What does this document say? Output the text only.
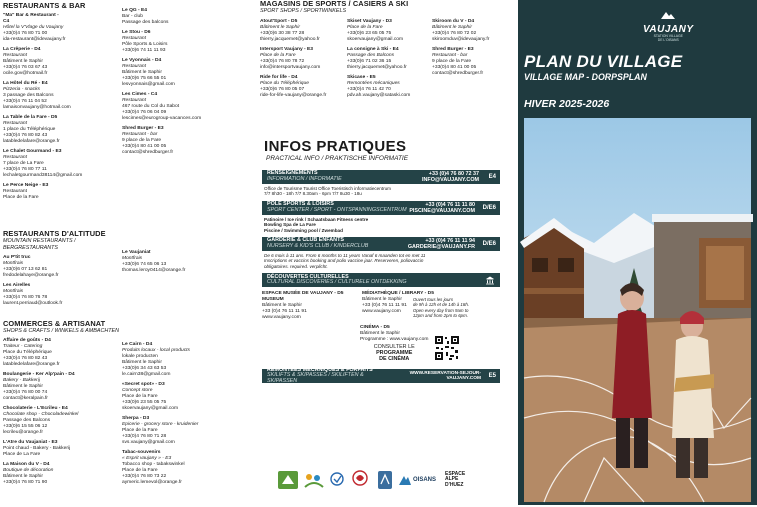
RESTAURANTS & BAR
"Ma" Bar & Restaurant - C4
Hôtel la V'Vlage du Vaujany
+33(0)4 76 80 71 00
ida-restaurant@idevaujany.fr
La Crêperie - D4
Restaurant
Bâtiment le Saphir
+33(0)4 76 03 67 43
ocile.gov@hotmail.fr
La Hôtel du Ré - E4
Pizzeria - snacks
3 passage des Balcons
+33(0)4 76 11 04 52
lamaisonvaujany@hotmail.com
La Table de la Fare - D5
Restaurant
1 place du Téléphérique
+33(0)4 76 80 82 43
latabledelafare@orange.fr
Le Chalet Gourmand - E3
Restaurant
7 place de La Fare
+33(0)4 76 80 77 11
lechaletgourmand38114@gmail.com
Le Perce Neige - E3
Restaurant
Place de la Fare
RESTAURANTS D'ALTITUDE
MOUNTAIN RESTAURANTS / BERGRESTAURANTS
Au P'tit truc
Montfrais
+33(0)6 07 13 62 81
fredodelahaye@orange.fr
Les Airelles
Montfrais
+33(0)4 76 80 76 78
laurent.perriaud@outlook.fr
COMMERCES & ARTISANAT
SHOPS & CRAFTS / WINKELS & AMBACHTEN
Affaire de goûts - D4
Traiteur - Catering
Place du Téléphérique
+33(0)4 76 80 82 43
latabledelafare@orange.fr
Boulangerie - Ker Alp'pain - D4
Bakery - Bakkerij
Bâtiment le Saphir
+33(0)4 76 80 00 74
contact@keralpain.fr
Chocolaterie - L'Ecrileu - E4
Chocolate shop - Chocoladewinkel
Passage des Balcons
+33(0)6 15 55 06 12
lecrileu@orange.fr
L'Atre du Vaujaniat - E3
Point chaud - Bakery - Bakkerij
Place de La Fare
La Maison du V - D4
Boutique de décoration
Bâtiment le Saphir
+33(0)4 76 80 71 90
Le QG - E4
Bar - club
Passage des balcons
Le Stou - D6
Restaurant
Pôle Sports & Loisirs
+33(0)6 74 11 11 93
Le Vyonnais - D4
Restaurant
Bâtiment le Saphir
+33(0)6 75 66 55 01
lesvyonnais@gmail.com
Les Cimes - C4
Restaurant
467 route du Col du Sabot
+33(0)4 76 06 04 09
lescimes@eurogroup-vacances.com
Shred Burger - E3
Restaurant - bar
9 place de la Fare
+33(0)4 80 41 00 05
contact@shredburger.fr
Le Vaujaniat
Montfrais
+33(0)6 74 65 06 13
thomas.leroy0414@orange.fr
Le Cairn - D4
Produits locaux - local products
lokale producten
Bâtiment le Saphir
+33(0)6 34 43 63 53
le.cairn38@gmail.com
«Secret spot» - D3
Concept store
Place de la Fare
+33(0)6 23 55 05 75
skoervaujany@gmail.com
Sherpa - D3
Epicerie - grocery store - kruidenier
Place de la Fare
+33(0)4 76 80 71 28
svs.vaujany@gmail.com
Tabac-souvenirs
« Esprit vaujany » - E3
Tobacco shop - tabakswinkel
Place de la Fare
+33(0)4 76 80 73 22
aymeric.lemevol@orange.fr
MAGASINS DE SPORTS / CASIERS A SKI
SPORT SHOPS / SPORTWINKELS
Atout'Sport - D5
Bâtiment le Saphir
+33(0)6 30 38 77 28
thierry.jacquemet@yahoo.fr
Intersport Vaujany - E3
Place de la Fare
+33(0)4 76 80 78 72
info@intersportvaujany.com
Ride for life - D4
Place du Téléphérique
+33(0)6 76 80 05 07
ride-for-life-vaujany@orange.fr
Skiset Vaujany - D3
Place de la Fare
+33(0)6 23 65 05 75
skoervaujany@gmail.com
La consigne à Ski - E4
Passage des Balcons
+33(0)6 71 02 36 15
thierry.jacquemet@yahoo.fr
Skicase - E5
Remontées mécaniques
+33(0)4 76 11 42 70
pdv.ah.vaujany@sataski.com
Skiroom du V - D4
Bâtiment le Saphir
+33(0)4 76 80 72 02
skiroomduv@idevaujany.fr
Shred Burger - E3
Restaurant - bar
9 place de la Fare
+33(0)4 80 41 00 05
contact@shredburger.fr
INFOS PRATIQUES
PRACTICAL INFO / PRAKTISCHE INFORMATIE
RENSEIGNEMENTS
INFORMATION / INFORMATIE
+33 (0)4 76 80 72 37
INFO@VAUJANY.COM E4
Office de Tourisme Tourist Office Toeristisch informatiecentrum
7/7 8h30 - 18h 7/7 8.30am - 6pm 7/7 8u30 - 18u
PÔLE SPORTS & LOISIRS
SPORT CENTER / SPORT - ONTSPANNINGSCENTRUM
+33 (0)4 76 11 11 80
PISCINE@VAUJANY.COM D/E6
Patinoire / Ice rink / Schaatsbaan Fitness centre
Bowling Spa de La Fare
Piscine / Swimming pool / Zwembad
GARDERIE & CLUB ENFANTS
NURSERY & KID'S CLUB / KINDERCLUB
+33 (0)4 76 11 11 94
GARDERIE@VAUJANY.FR D/E6
De 6 mois à 11 ans. From 6 months to 11 years Vanaf 6 maanden tot en met 11
Inscriptions et vaccins booking and polio vaccine jaar. Reserveren, poliovaccin
obligatoires. required. verplicht.
DÉCOUVERTES CULTURELLES
CULTURAL DISCOVERIES / CULTURELE ONTDEKKING
ESPACE MUSÉE DE VAUJANY - D5
MUSEUM
Bâtiment le Saphir
+33 (0)4 76 11 11 91
www.vaujany.com
MÉDIATHÈQUE / LIBRARY - D5
Bâtiment le Saphir
+33 (0)4 76 11 11 91
www.vaujany.com
Ouvert tous les jours
de 9h à 12h et de 14h à 18h.
Open every day from 9am to
12pm and from 2pm to 6pm.
CINÉMA - D5
Bâtiment le Saphir
Programme : www.vaujany.com
CONSULTER LE
PROGRAMME
DE CINÉMA
REMONTÉES MÉCANIQUES & FORFAITS
SKILIFTS & SKIPASSES / SKILIFTEN & SKIPASSEN
WWW.RESERVATION-SEJOUR-VAUJANY.COM E5
OISANS
ESPACE
ALPE
D'HUEZ
VAUJANY
STATION VILLAGE
DE L'OISANS
PLAN DU VILLAGE
VILLAGE MAP - DORPSPLAN
HIVER 2025-2026
